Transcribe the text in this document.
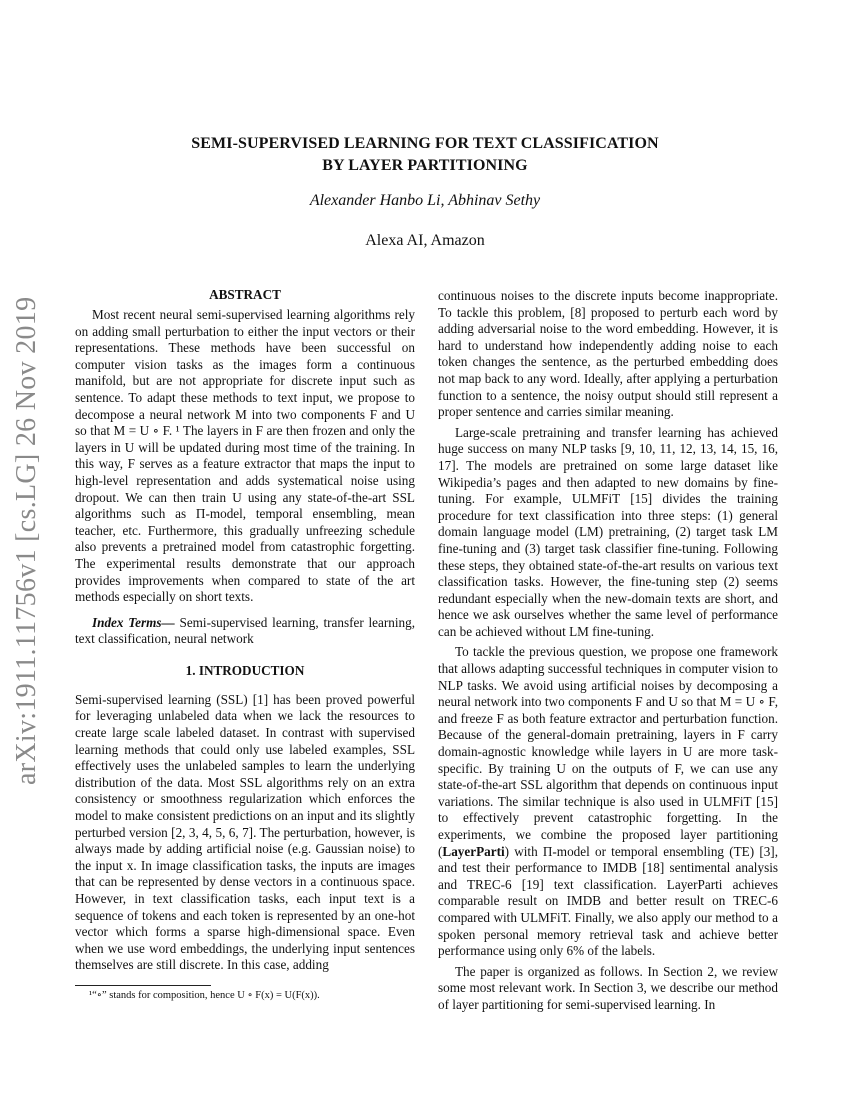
arXiv:1911.11756v1 [cs.LG] 26 Nov 2019
SEMI-SUPERVISED LEARNING FOR TEXT CLASSIFICATION
BY LAYER PARTITIONING
Alexander Hanbo Li, Abhinav Sethy
Alexa AI, Amazon
ABSTRACT

Most recent neural semi-supervised learning algorithms rely on adding small perturbation to either the input vectors or their representations. These methods have been successful on computer vision tasks as the images form a continuous manifold, but are not appropriate for discrete input such as sentence. To adapt these methods to text input, we propose to decompose a neural network M into two components F and U so that M = U ∘ F. ¹ The layers in F are then frozen and only the layers in U will be updated during most time of the training. In this way, F serves as a feature extractor that maps the input to high-level representation and adds systematical noise using dropout. We can then train U using any state-of-the-art SSL algorithms such as Π-model, temporal ensembling, mean teacher, etc. Furthermore, this gradually unfreezing schedule also prevents a pretrained model from catastrophic forgetting. The experimental results demonstrate that our approach provides improvements when compared to state of the art methods especially on short texts.

Index Terms— Semi-supervised learning, transfer learning, text classification, neural network

1. INTRODUCTION

Semi-supervised learning (SSL) [1] has been proved powerful for leveraging unlabeled data when we lack the resources to create large scale labeled dataset. In contrast with supervised learning methods that could only use labeled examples, SSL effectively uses the unlabeled samples to learn the underlying distribution of the data. Most SSL algorithms rely on an extra consistency or smoothness regularization which enforces the model to make consistent predictions on an input and its slightly perturbed version [2, 3, 4, 5, 6, 7]. The perturbation, however, is always made by adding artificial noise (e.g. Gaussian noise) to the input x. In image classification tasks, the inputs are images that can be represented by dense vectors in a continuous space. However, in text classification tasks, each input text is a sequence of tokens and each token is represented by an one-hot vector which forms a sparse high-dimensional space. Even when we use word embeddings, the underlying input sentences themselves are still discrete. In this case, adding

continuous noises to the discrete inputs become inappropriate. To tackle this problem, [8] proposed to perturb each word by adding adversarial noise to the word embedding. However, it is hard to understand how independently adding noise to each token changes the sentence, as the perturbed embedding does not map back to any word. Ideally, after applying a perturbation function to a sentence, the noisy output should still represent a proper sentence and carries similar meaning.

Large-scale pretraining and transfer learning has achieved huge success on many NLP tasks [9, 10, 11, 12, 13, 14, 15, 16, 17]. The models are pretrained on some large dataset like Wikipedia’s pages and then adapted to new domains by fine-tuning. For example, ULMFiT [15] divides the training procedure for text classification into three steps: (1) general domain language model (LM) pretraining, (2) target task LM fine-tuning and (3) target task classifier fine-tuning. Following these steps, they obtained state-of-the-art results on various text classification tasks. However, the fine-tuning step (2) seems redundant especially when the new-domain texts are short, and hence we ask ourselves whether the same level of performance can be achieved without LM fine-tuning.

To tackle the previous question, we propose one framework that allows adapting successful techniques in computer vision to NLP tasks. We avoid using artificial noises by decomposing a neural network into two components F and U so that M = U ∘ F, and freeze F as both feature extractor and perturbation function. Because of the general-domain pretraining, layers in F carry domain-agnostic knowledge while layers in U are more task-specific. By training U on the outputs of F, we can use any state-of-the-art SSL algorithm that depends on continuous input variations. The similar technique is also used in ULMFiT [15] to effectively prevent catastrophic forgetting. In the experiments, we combine the proposed layer partitioning (LayerParti) with Π-model or temporal ensembling (TE) [3], and test their performance to IMDB [18] sentimental analysis and TREC-6 [19] text classification. LayerParti achieves comparable result on IMDB and better result on TREC-6 compared with ULMFiT. Finally, we also apply our method to a spoken personal memory retrieval task and achieve better performance using only 6% of the labels.

The paper is organized as follows. In Section 2, we review some most relevant work. In Section 3, we describe our method of layer partitioning for semi-supervised learning. In

¹“∘” stands for composition, hence U ∘ F(x) = U(F(x)).
